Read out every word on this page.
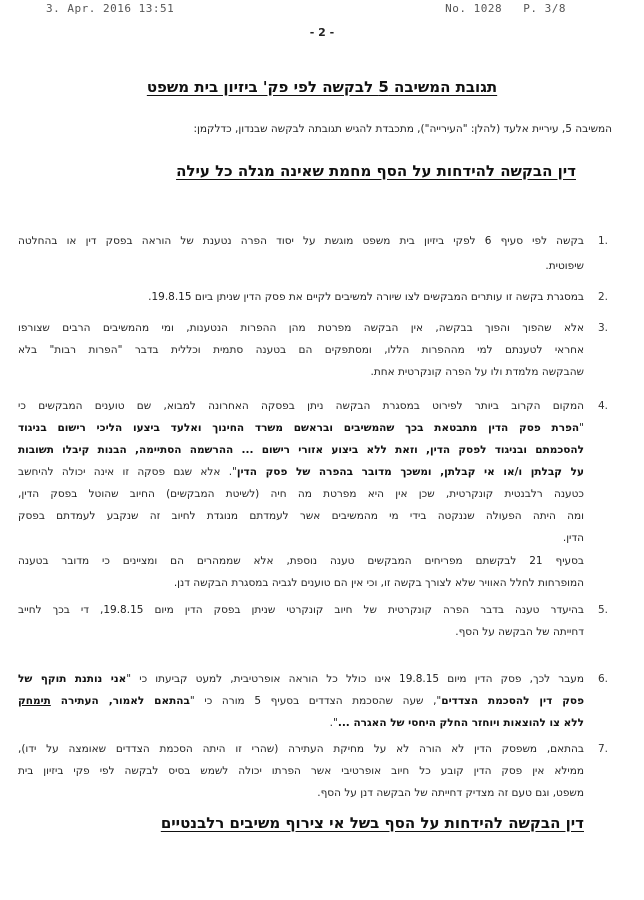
3. Apr. 2016 13:51	No. 1028 P. 3/8
- 2 -
תגובת המשיבה 5 לבקשה לפי פק' ביזיון בית משפט
המשיבה 5, עיריית אלעד (להלן: "העירייה"), מתכבדת להגיש תגובתה לבקשה שבנדון, כדלקמן:
דין הבקשה להידחות על הסף מחמת שאינה מגלה כל עילה
1.
בקשה לפי סעיף 6 לפקי ביזיון בית משפט מוגשת על יסוד הפרה נטענת של הוראה בפסק דין או בהחלטה
שיפוטית.
2.
במסגרת בקשה זו עותרים המבקשים לצו שיורה למשיבים לקיים את פסק הדין שניתן ביום 19.8.15.
3.
אלא שהפוך והפוך בבקשה, אין הבקשה מפרטת מהן ההפרות הנטענות, ומי מהמשיבים הרבים שצורפו
אחראי לטענתם למי מההפרות הללו, ומסתפקים הם בטענה סתמית וכללית בדבר "הפרות רבות" בלא
שהבקשה מלמדת ולו על הפרה קונקרטית אחת.
4.
המקום הקרוב ביותר לפירוט במסגרת הבקשה ניתן בפסקה האחרונה למבוא, שם טוענים המבקשים כי
"הפרת פסק הדין מתבטאת בכך שהמשיבים ובראשם משרד החינוך ואלעד ביצעו הליכי רישום בניגוד
להסכמתם ובניגוד לפסק הדין, וזאת ללא ביצוע אזורי רישום ... ההרשמה הסתיימה, הבנות קיבלו תשובות
על קבלתן ו/או אי קבלתן, ומשכך מדובר בהפרה של פסק הדין". אלא שגם פסקה זו אינה יכולה להיחשב
כטענה רלבנטית קונקרטית, שכן אין היא מפרטת מה חיה (לשיטת המבקשים) החיוב שהוטל בפסק הדין,
ומה היתה הפעולה שננקטה בידי מי מהמשיבים אשר לעמדתם מנוגדת לחיוב זה שנקבע לעמדתם בפסק
הדין.
בסעיף 21 לבקשתם מפריחים המבקשים טענה נוספת, אלא שממהרים הם ומציינים כי מדובר בטענה
המופרחות לחלל האוויר שלא לצורך בקשה זו, וכי אין הם טוענים לגביה במסגרת הבקשה דנן.
5.
בהיעדר טענה בדבר הפרה קונקרטית של חיוב קונקרטי שניתן בפסק הדין מיום 19.8.15, די בכך לחייב
דחייתה של הבקשה על הסף.
6.
מעבר לכך, פסק הדין מיום 19.8.15 אינו כולל כל הוראה אופרטיבית, למעט קביעתו כי "אני נותנת תוקף של
פסק דין להסכמת הצדדים", שעה שהסכמת הצדדים בסעיף 5 מורה כי "בהתאם לאמור, העתירה תימחק
ללא צו להוצאות ויוחזר החלק היחסי של האגרה ...".
7.
בהתאם, משפסק הדין לא הורה לא על מחיקת העתירה (שהרי זו היתה הסכמת הצדדים שאומצה על ידו),
ממילא אין פסק הדין קובע כל חיוב אופרטיבי אשר הפרתו יכולה לשמש בסיס לבקשה לפי פקי ביזיון בית
משפט, וגם טעם זה מצדיק דחייתה של הבקשה דנן על הסף.
דין הבקשה להידחות על הסף בשל אי צירוף משיבים רלבנטיים
